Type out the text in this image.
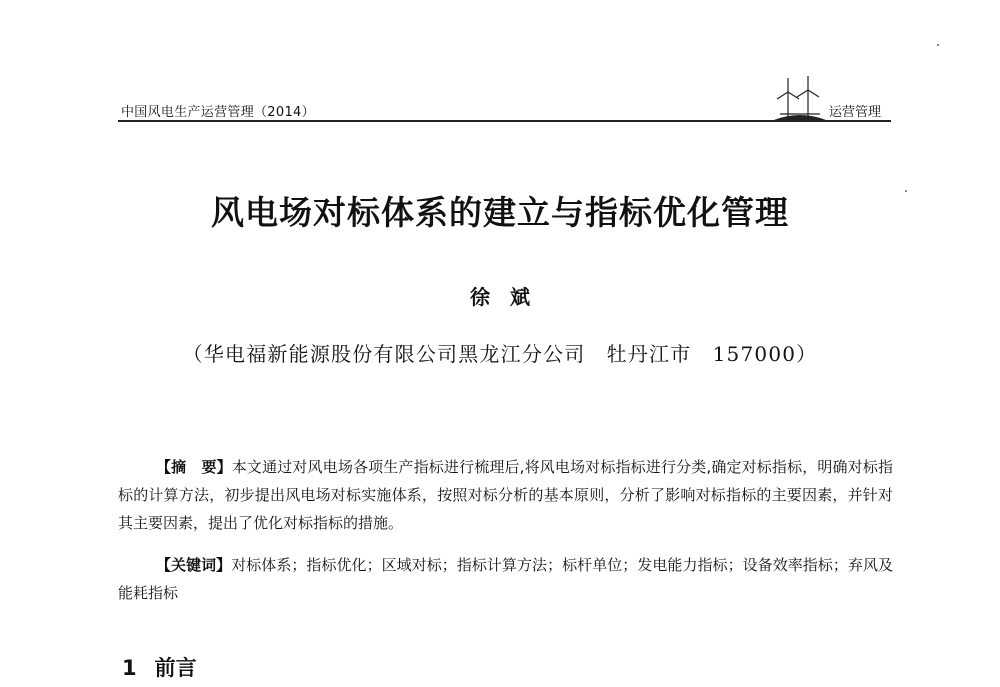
中国风电生产运营管理（2014）	运营管理
风电场对标体系的建立与指标优化管理
徐　斌
（华电福新能源股份有限公司黑龙江分公司　牡丹江市　157000）
【摘　要】本文通过对风电场各项生产指标进行梳理后,将风电场对标指标进行分类,确定对标指标，明确对标指标的计算方法，初步提出风电场对标实施体系，按照对标分析的基本原则，分析了影响对标指标的主要因素，并针对其主要因素，提出了优化对标指标的措施。
【关键词】对标体系；指标优化；区域对标；指标计算方法；标杆单位；发电能力指标；设备效率指标；弃风及能耗指标
1 前言
